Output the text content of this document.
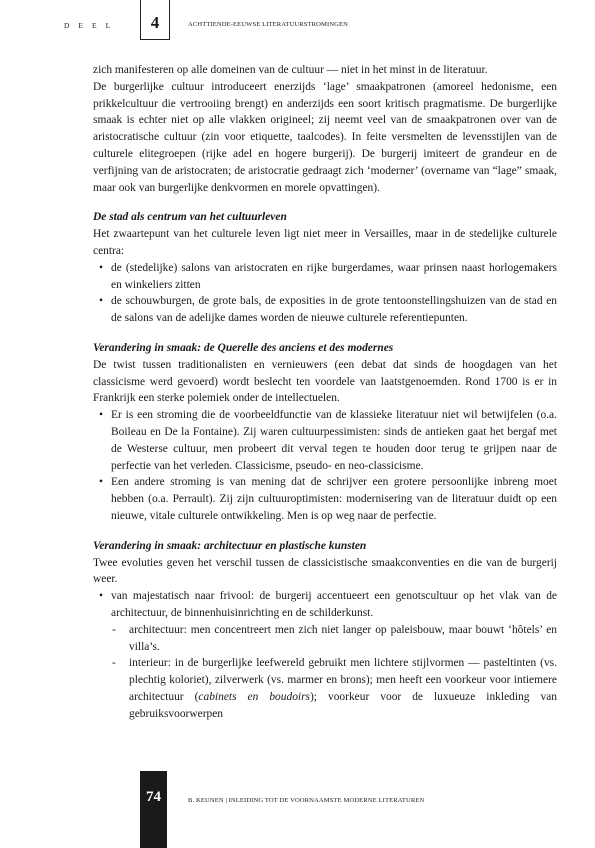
DEEL	4	ACHTTIENDE-EEUWSE LITERATUURSTROMINGEN

zich manifesteren op alle domeinen van de cultuur — niet in het minst in de literatuur.

De burgerlijke cultuur introduceert enerzijds ‘lage’ smaakpatronen (amoreel hedonisme, een prikkelcultuur die vertrooiing brengt) en anderzijds een soort kritisch pragmatisme. De burgerlijke smaak is echter niet op alle vlakken origineel; zij neemt veel van de smaakpatronen over van de aristocratische cultuur (zin voor etiquette, taalcodes). In feite versmelten de levensstijlen van de culturele elitegroepen (rijke adel en hogere burgerij). De burgerij imiteert de grandeur en de verfijning van de aristocraten; de aristocratie gedraagt zich ‘moderner’ (overname van “lage” smaak, maar ook van burgerlijke denkvormen en morele opvattingen).

De stad als centrum van het cultuurleven

Het zwaartepunt van het culturele leven ligt niet meer in Versailles, maar in de stedelijke culturele centra:

• de (stedelijke) salons van aristocraten en rijke burgerdames, waar prinsen naast horlogemakers en winkeliers zitten
• de schouwburgen, de grote bals, de exposities in de grote tentoonstellingshuizen van de stad en de salons van de adelijke dames worden de nieuwe culturele referentiepunten.

Verandering in smaak: de Querelle des anciens et des modernes

De twist tussen traditionalisten en vernieuwers (een debat dat sinds de hoogdagen van het classicisme werd gevoerd) wordt beslecht ten voordele van laatstgenoemden. Rond 1700 is er in Frankrijk een sterke polemiek onder de intellectuelen.

• Er is een stroming die de voorbeeldfunctie van de klassieke literatuur niet wil betwijfelen (o.a. Boileau en De la Fontaine). Zij waren cultuurpessimisten: sinds de antieken gaat het bergaf met de Westerse cultuur, men probeert dit verval tegen te houden door terug te grijpen naar de perfectie van het verleden. Classicisme, pseudo- en neo-classicisme.
• Een andere stroming is van mening dat de schrijver een grotere persoonlijke inbreng moet hebben (o.a. Perrault). Zij zijn cultuuroptimisten: modernisering van de literatuur duidt op een nieuwe, vitale culturele ontwikkeling. Men is op weg naar de perfectie.

Verandering in smaak: architectuur en plastische kunsten

Twee evoluties geven het verschil tussen de classicistische smaakconventies en die van de burgerij weer.

• van majestatisch naar frivool: de burgerij accentueert een genotscultuur op het vlak van de architectuur, de binnenhuisinrichting en de schilderkunst.
- architectuur: men concentreert men zich niet langer op paleisbouw, maar bouwt ‘hôtels’ en villa’s.
- interieur: in de burgerlijke leefwereld gebruikt men lichtere stijlvormen — pasteltinten (vs. plechtig koloriet), zilverwerk (vs. marmer en brons); men heeft een voorkeur voor intiemere architectuur (cabinets en boudoirs); voorkeur voor de luxueuze inkleding van gebruiksvoorwerpen
74	B. KEUNEN | INLEIDING TOT DE VOORNAAMSTE MODERNE LITERATUREN
